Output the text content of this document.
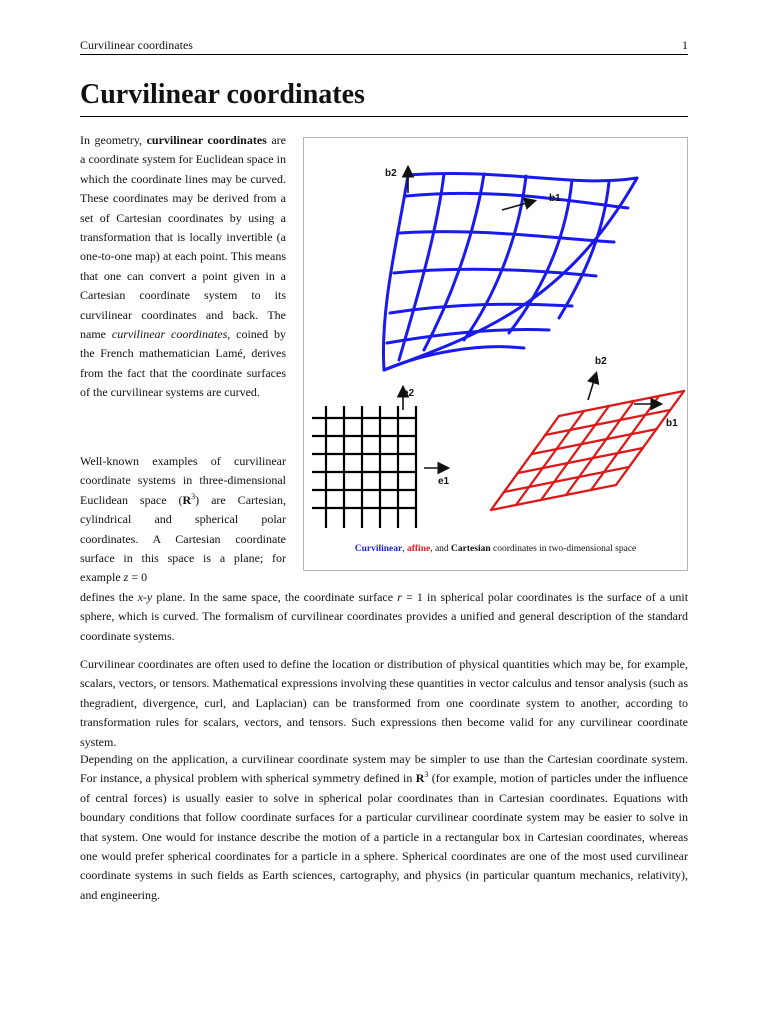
Curvilinear coordinates	1
Curvilinear coordinates

In geometry, curvilinear coordinates are a coordinate system for Euclidean space in which the coordinate lines may be curved. These coordinates may be derived from a set of Cartesian coordinates by using a transformation that is locally invertible (a one-to-one map) at each point. This means that one can convert a point given in a Cartesian coordinate system to its curvilinear coordinates and back. The name curvilinear coordinates, coined by the French mathematician Lamé, derives from the fact that the coordinate surfaces of the curvilinear systems are curved.

Well-known examples of curvilinear coordinate systems in three-dimensional Euclidean space $(R^3)$ are Cartesian, cylindrical and spherical polar coordinates. A Cartesian coordinate surface in this space is a plane; for example z = 0

defines the x-y plane. In the same space, the coordinate surface r = 1 in spherical polar coordinates is the surface of a unit sphere, which is curved. The formalism of curvilinear coordinates provides a unified and general description of the standard coordinate systems.

Curvilinear coordinates are often used to define the location or distribution of physical quantities which may be, for example, scalars, vectors, or tensors. Mathematical expressions involving these quantities in vector calculus and tensor analysis (such as thegradient, divergence, curl, and Laplacian) can be transformed from one coordinate system to another, according to transformation rules for scalars, vectors, and tensors. Such expressions then become valid for any curvilinear coordinate system.

Depending on the application, a curvilinear coordinate system may be simpler to use than the Cartesian coordinate system. For instance, a physical problem with spherical symmetry defined in $R^3$ (for example, motion of particles under the influence of central forces) is usually easier to solve in spherical polar coordinates than in Cartesian coordinates. Equations with boundary conditions that follow coordinate surfaces for a particular curvilinear coordinate system may be easier to solve in that system. One would for instance describe the motion of a particle in a rectangular box in Cartesian coordinates, whereas one would prefer spherical coordinates for a particle in a sphere. Spherical coordinates are one of the most used curvilinear coordinate systems in such fields as Earth sciences, cartography, and physics (in particular quantum mechanics, relativity), and engineering.

b2
b1
b2
b1
e2
e1
Curvilinear, affine, and Cartesian coordinates in two-dimensional space
